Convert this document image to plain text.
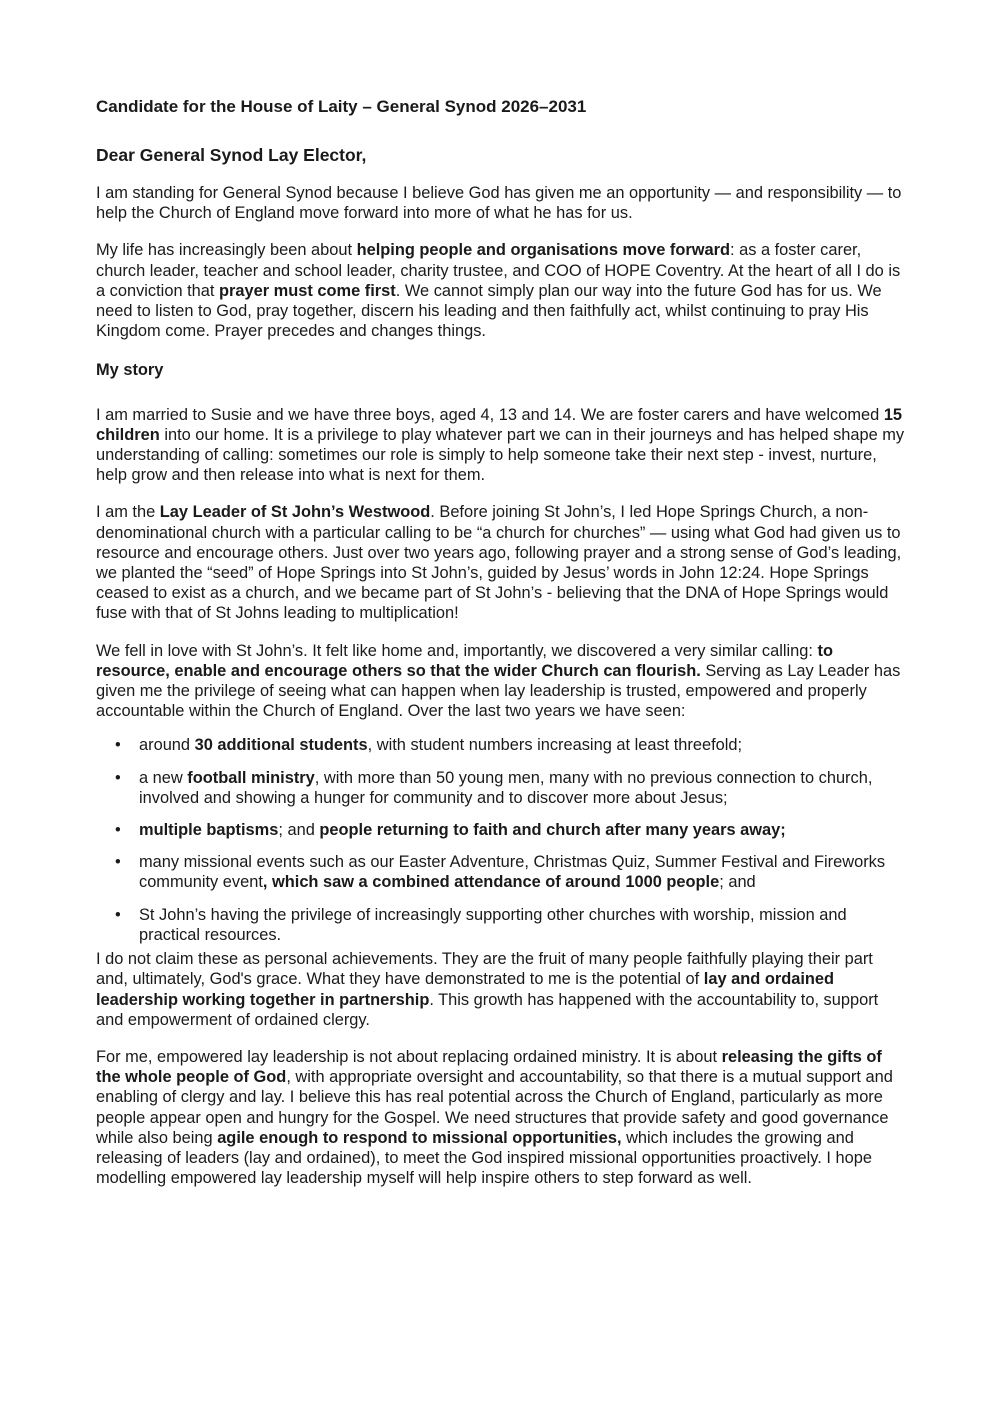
Candidate for the House of Laity – General Synod 2026–2031
Dear General Synod Lay Elector,

I am standing for General Synod because I believe God has given me an opportunity — and responsibility — to help the Church of England move forward into more of what he has for us.

My life has increasingly been about helping people and organisations move forward: as a foster carer, church leader, teacher and school leader, charity trustee, and COO of HOPE Coventry. At the heart of all I do is a conviction that prayer must come first. We cannot simply plan our way into the future God has for us. We need to listen to God, pray together, discern his leading and then faithfully act, whilst continuing to pray His Kingdom come. Prayer precedes and changes things.

My story

I am married to Susie and we have three boys, aged 4, 13 and 14. We are foster carers and have welcomed 15 children into our home. It is a privilege to play whatever part we can in their journeys and has helped shape my understanding of calling: sometimes our role is simply to help someone take their next step - invest, nurture, help grow and then release into what is next for them.

I am the Lay Leader of St John’s Westwood. Before joining St John’s, I led Hope Springs Church, a non-denominational church with a particular calling to be “a church for churches” — using what God had given us to resource and encourage others. Just over two years ago, following prayer and a strong sense of God’s leading, we planted the “seed” of Hope Springs into St John’s, guided by Jesus’ words in John 12:24. Hope Springs ceased to exist as a church, and we became part of St John’s - believing that the DNA of Hope Springs would fuse with that of St Johns leading to multiplication!

We fell in love with St John’s. It felt like home and, importantly, we discovered a very similar calling: to resource, enable and encourage others so that the wider Church can flourish. Serving as Lay Leader has given me the privilege of seeing what can happen when lay leadership is trusted, empowered and properly accountable within the Church of England. Over the last two years we have seen:

• around 30 additional students, with student numbers increasing at least threefold;
• a new football ministry, with more than 50 young men, many with no previous connection to church, involved and showing a hunger for community and to discover more about Jesus;
• multiple baptisms; and people returning to faith and church after many years away;
• many missional events such as our Easter Adventure, Christmas Quiz, Summer Festival and Fireworks community event, which saw a combined attendance of around 1000 people; and
• St John’s having the privilege of increasingly supporting other churches with worship, mission and practical resources.

I do not claim these as personal achievements. They are the fruit of many people faithfully playing their part and, ultimately, God's grace. What they have demonstrated to me is the potential of lay and ordained leadership working together in partnership. This growth has happened with the accountability to, support and empowerment of ordained clergy.

For me, empowered lay leadership is not about replacing ordained ministry. It is about releasing the gifts of the whole people of God, with appropriate oversight and accountability, so that there is a mutual support and enabling of clergy and lay. I believe this has real potential across the Church of England, particularly as more people appear open and hungry for the Gospel. We need structures that provide safety and good governance while also being agile enough to respond to missional opportunities, which includes the growing and releasing of leaders (lay and ordained), to meet the God inspired missional opportunities proactively. I hope modelling empowered lay leadership myself will help inspire others to step forward as well.
